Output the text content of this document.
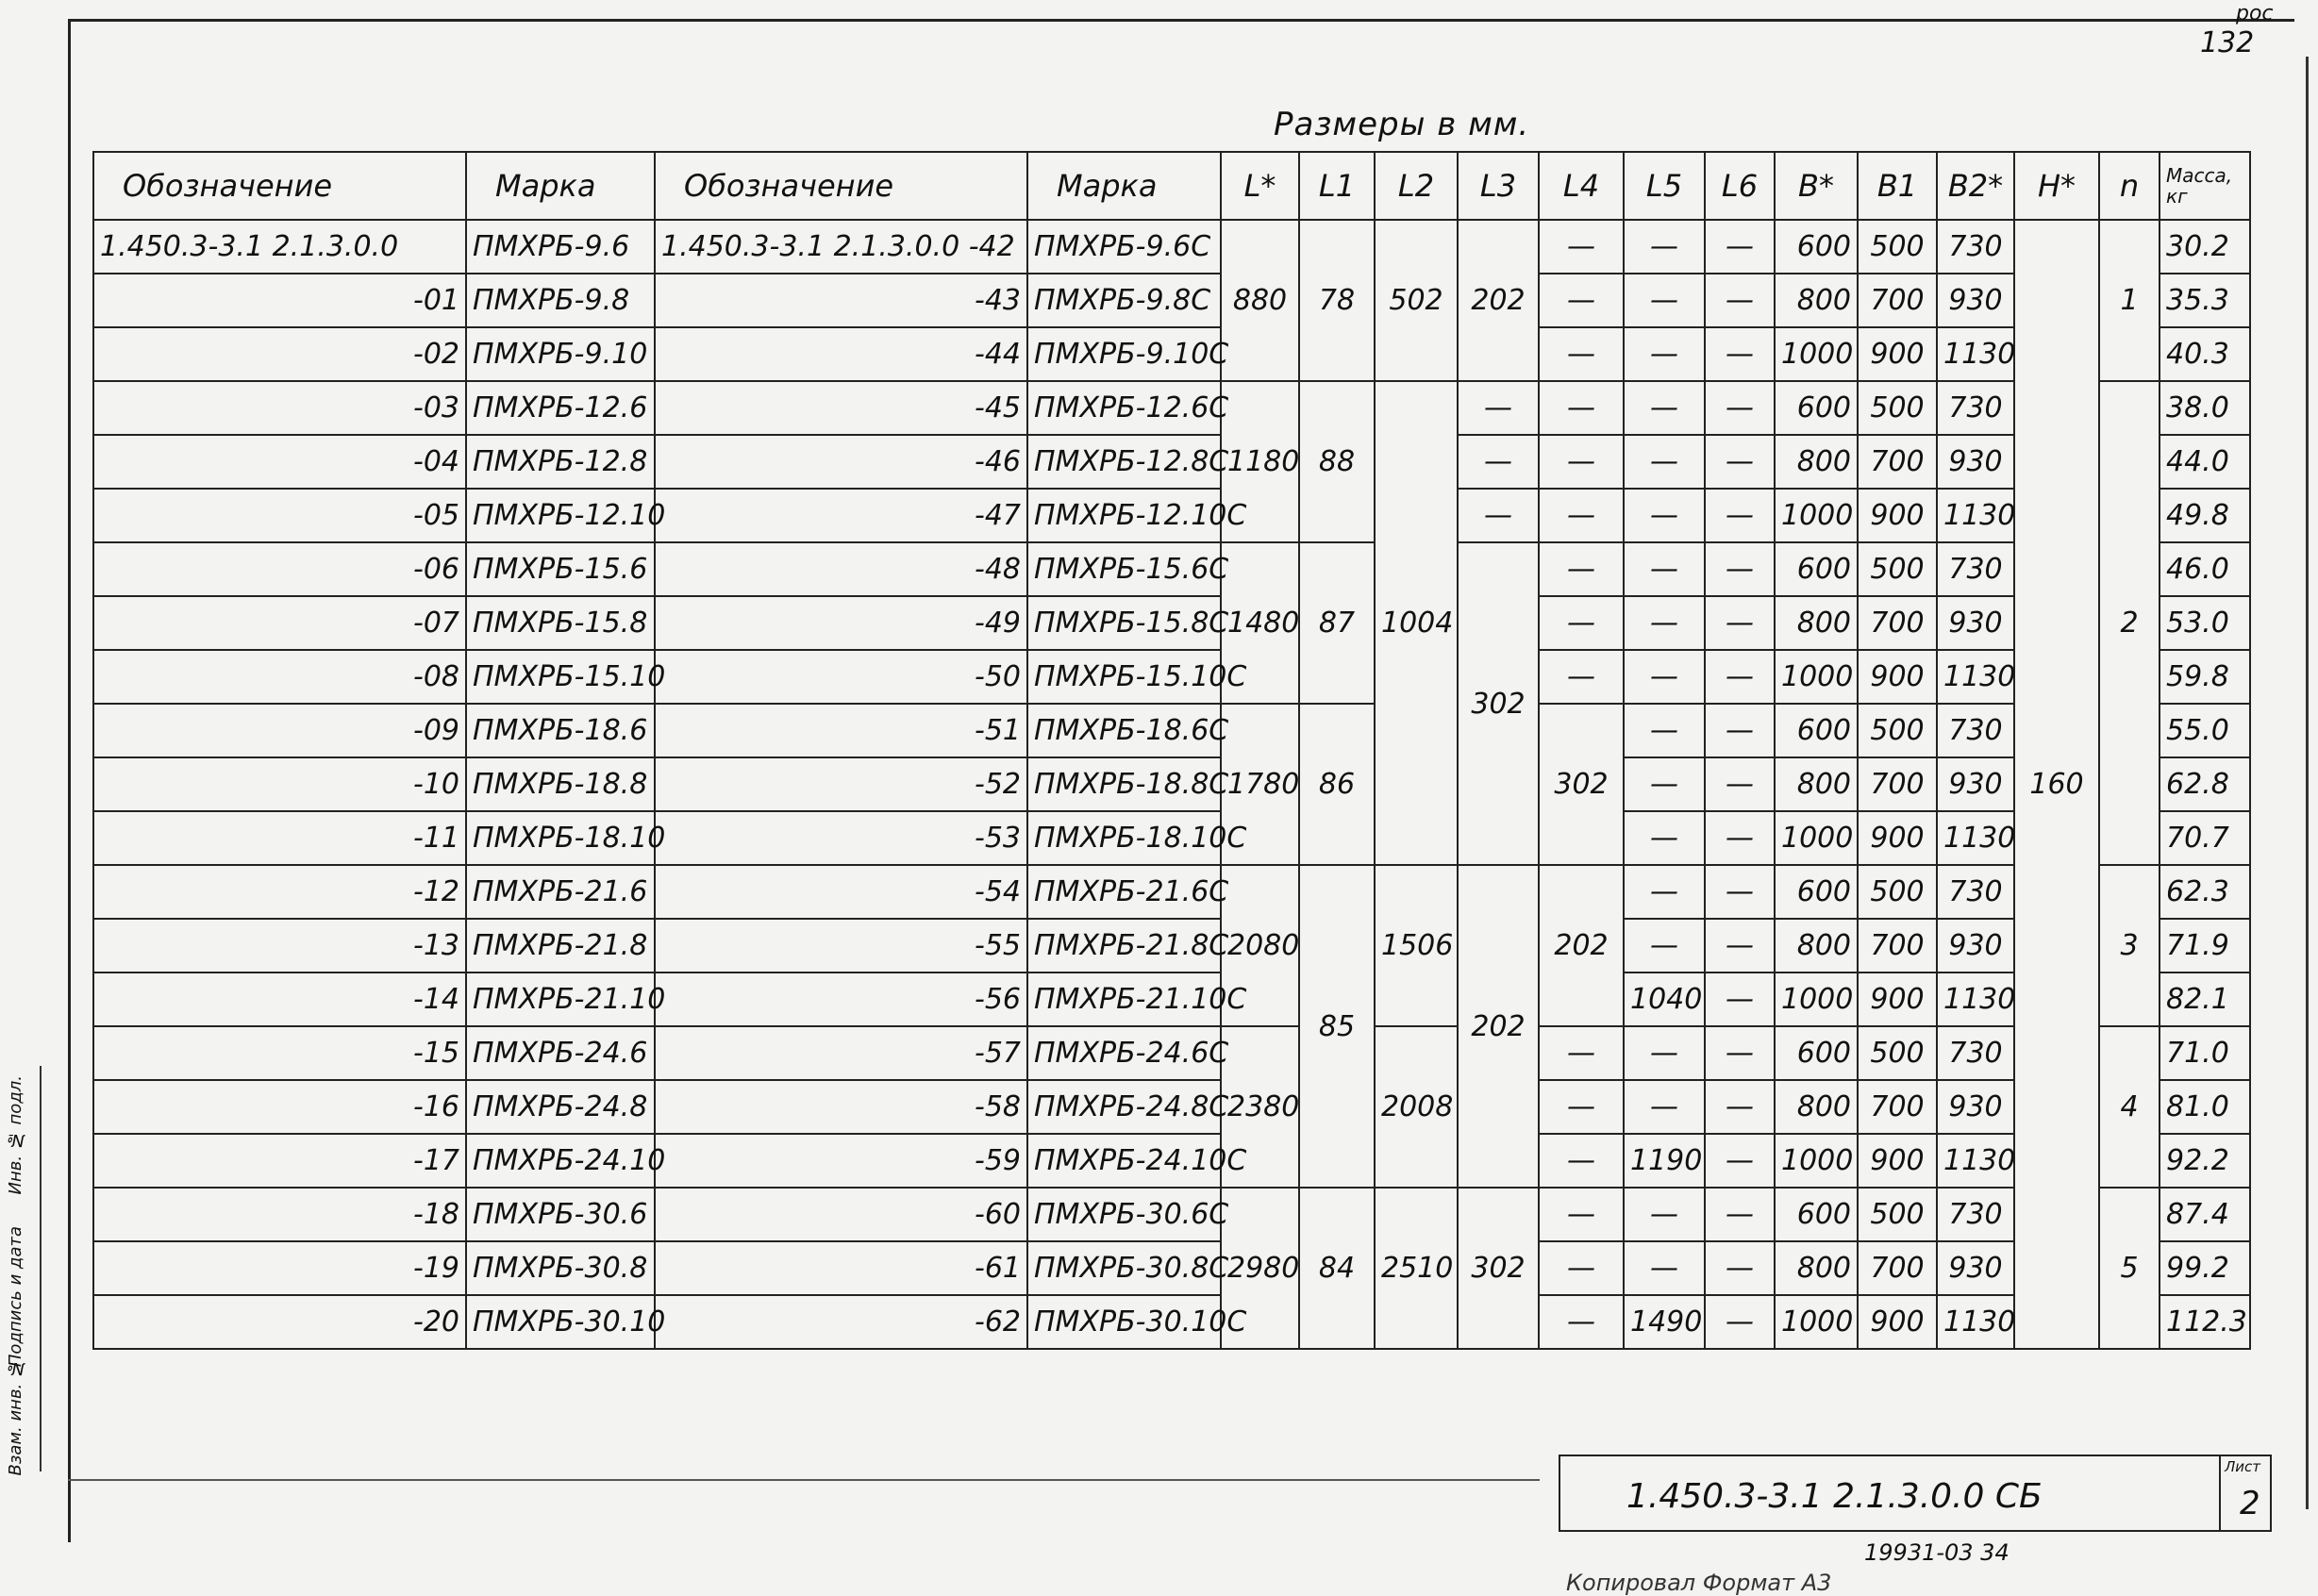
рос
132
Размеры в мм.
Обозначение	Марка	Обозначение	Марка	L*	L1	L2	L3	L4	L5	L6	B*	B1	B2*	H*	n	Масса, кг
1.450.3-3.1 2.1.3.0.0	ПМХРБ-9.6	1.450.3-3.1 2.1.3.0.0 -42	ПМХРБ-9.6С	880	78	502	202	—	—	—	600	500	730	160	1	30.2
-01	ПМХРБ-9.8	-43	ПМХРБ-9.8С					—	—	—	800	700	930			35.3
-02	ПМХРБ-9.10	-44	ПМХРБ-9.10С					—	—	—	1000	900	1130			40.3
-03	ПМХРБ-12.6	-45	ПМХРБ-12.6С	1180	88	1004	—	—	—	—	600	500	730		2	38.0
-04	ПМХРБ-12.8	-46	ПМХРБ-12.8С				—	—	—	—	800	700	930			44.0
-05	ПМХРБ-12.10	-47	ПМХРБ-12.10С				—	—	—	—	1000	900	1130			49.8
-06	ПМХРБ-15.6	-48	ПМХРБ-15.6С	1480	87		302	—	—	—	600	500	730			46.0
-07	ПМХРБ-15.8	-49	ПМХРБ-15.8С					—	—	—	800	700	930			53.0
-08	ПМХРБ-15.10	-50	ПМХРБ-15.10С					—	—	—	1000	900	1130			59.8
-09	ПМХРБ-18.6	-51	ПМХРБ-18.6С	1780	86			302	—	—	600	500	730			55.0
-10	ПМХРБ-18.8	-52	ПМХРБ-18.8С						—	—	800	700	930			62.8
-11	ПМХРБ-18.10	-53	ПМХРБ-18.10С						—	—	1000	900	1130			70.7
-12	ПМХРБ-21.6	-54	ПМХРБ-21.6С	2080	85	1506	202	202	—	—	600	500	730		3	62.3
-13	ПМХРБ-21.8	-55	ПМХРБ-21.8С						—	—	800	700	930			71.9
-14	ПМХРБ-21.10	-56	ПМХРБ-21.10С						1040	—	1000	900	1130			82.1
-15	ПМХРБ-24.6	-57	ПМХРБ-24.6С	2380		2008		—	—	—	600	500	730		4	71.0
-16	ПМХРБ-24.8	-58	ПМХРБ-24.8С					—	—	—	800	700	930			81.0
-17	ПМХРБ-24.10	-59	ПМХРБ-24.10С					—	1190	—	1000	900	1130			92.2
-18	ПМХРБ-30.6	-60	ПМХРБ-30.6С	2980	84	2510	302	—	—	—	600	500	730		5	87.4
-19	ПМХРБ-30.8	-61	ПМХРБ-30.8С					—	—	—	800	700	930			99.2
-20	ПМХРБ-30.10	-62	ПМХРБ-30.10С					—	1490	—	1000	900	1130			112.3
Инв. № подл.
Подпись и дата
Взам. инв. №
1.450.3-3.1 2.1.3.0.0 СБ
Лист
2
19931-03 34
Копировал Формат А3
